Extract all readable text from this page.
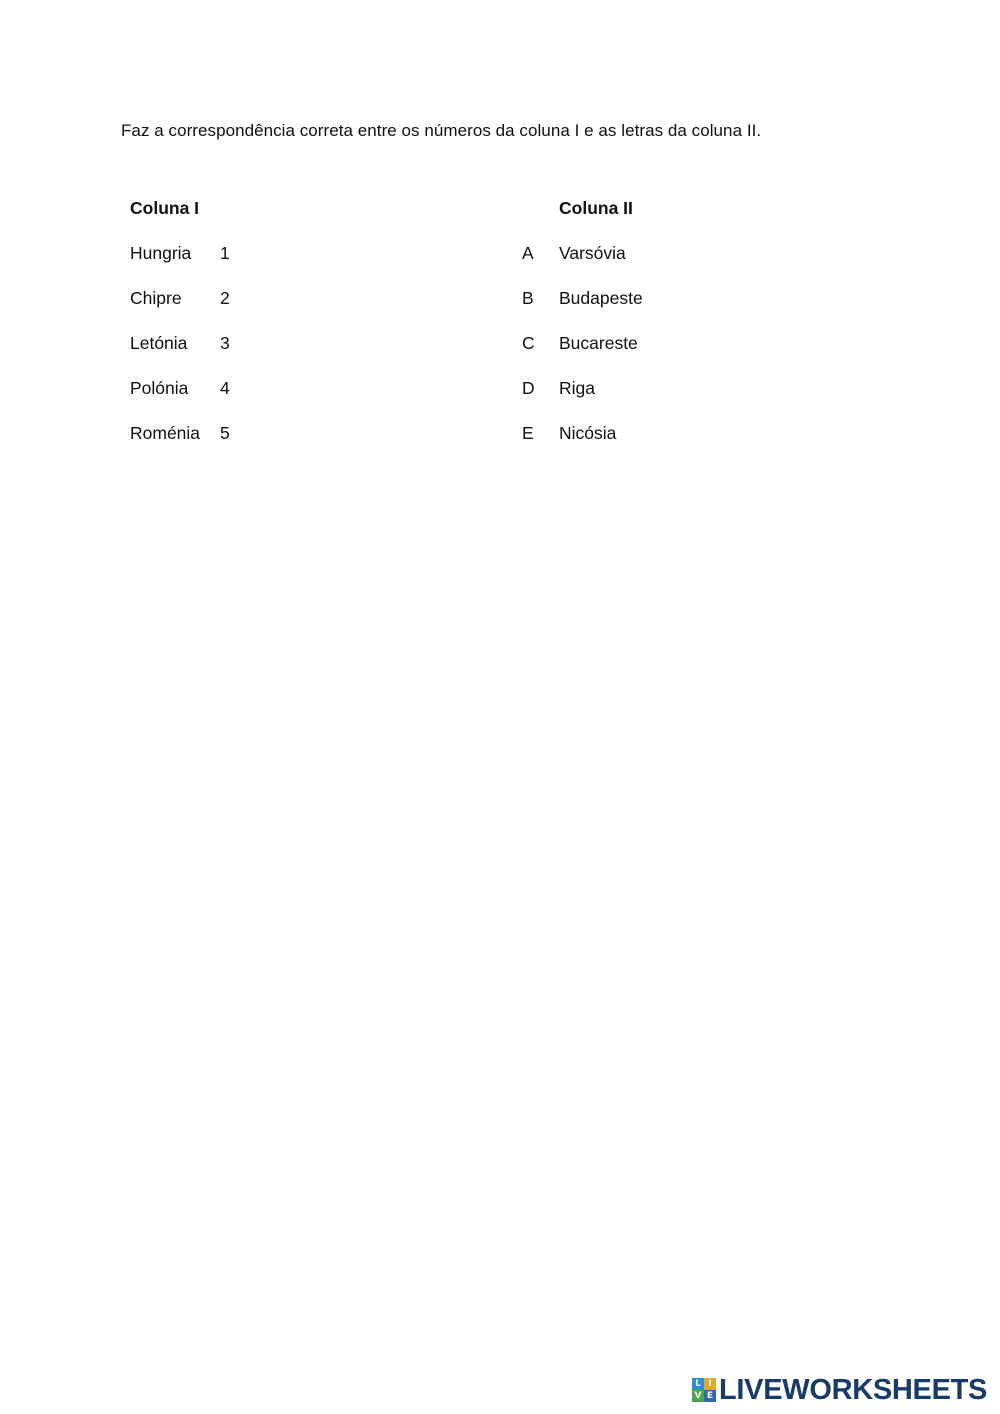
Faz a correspondência correta entre os números da coluna I e as letras da coluna II.
Coluna I	Coluna II
Hungria 1	A Varsóvia
Chipre 2	B Budapeste
Letónia 3	C Bucareste
Polónia 4	D Riga
Roménia 5	E Nicósia
L I
V E LIVEWORKSHEETS
